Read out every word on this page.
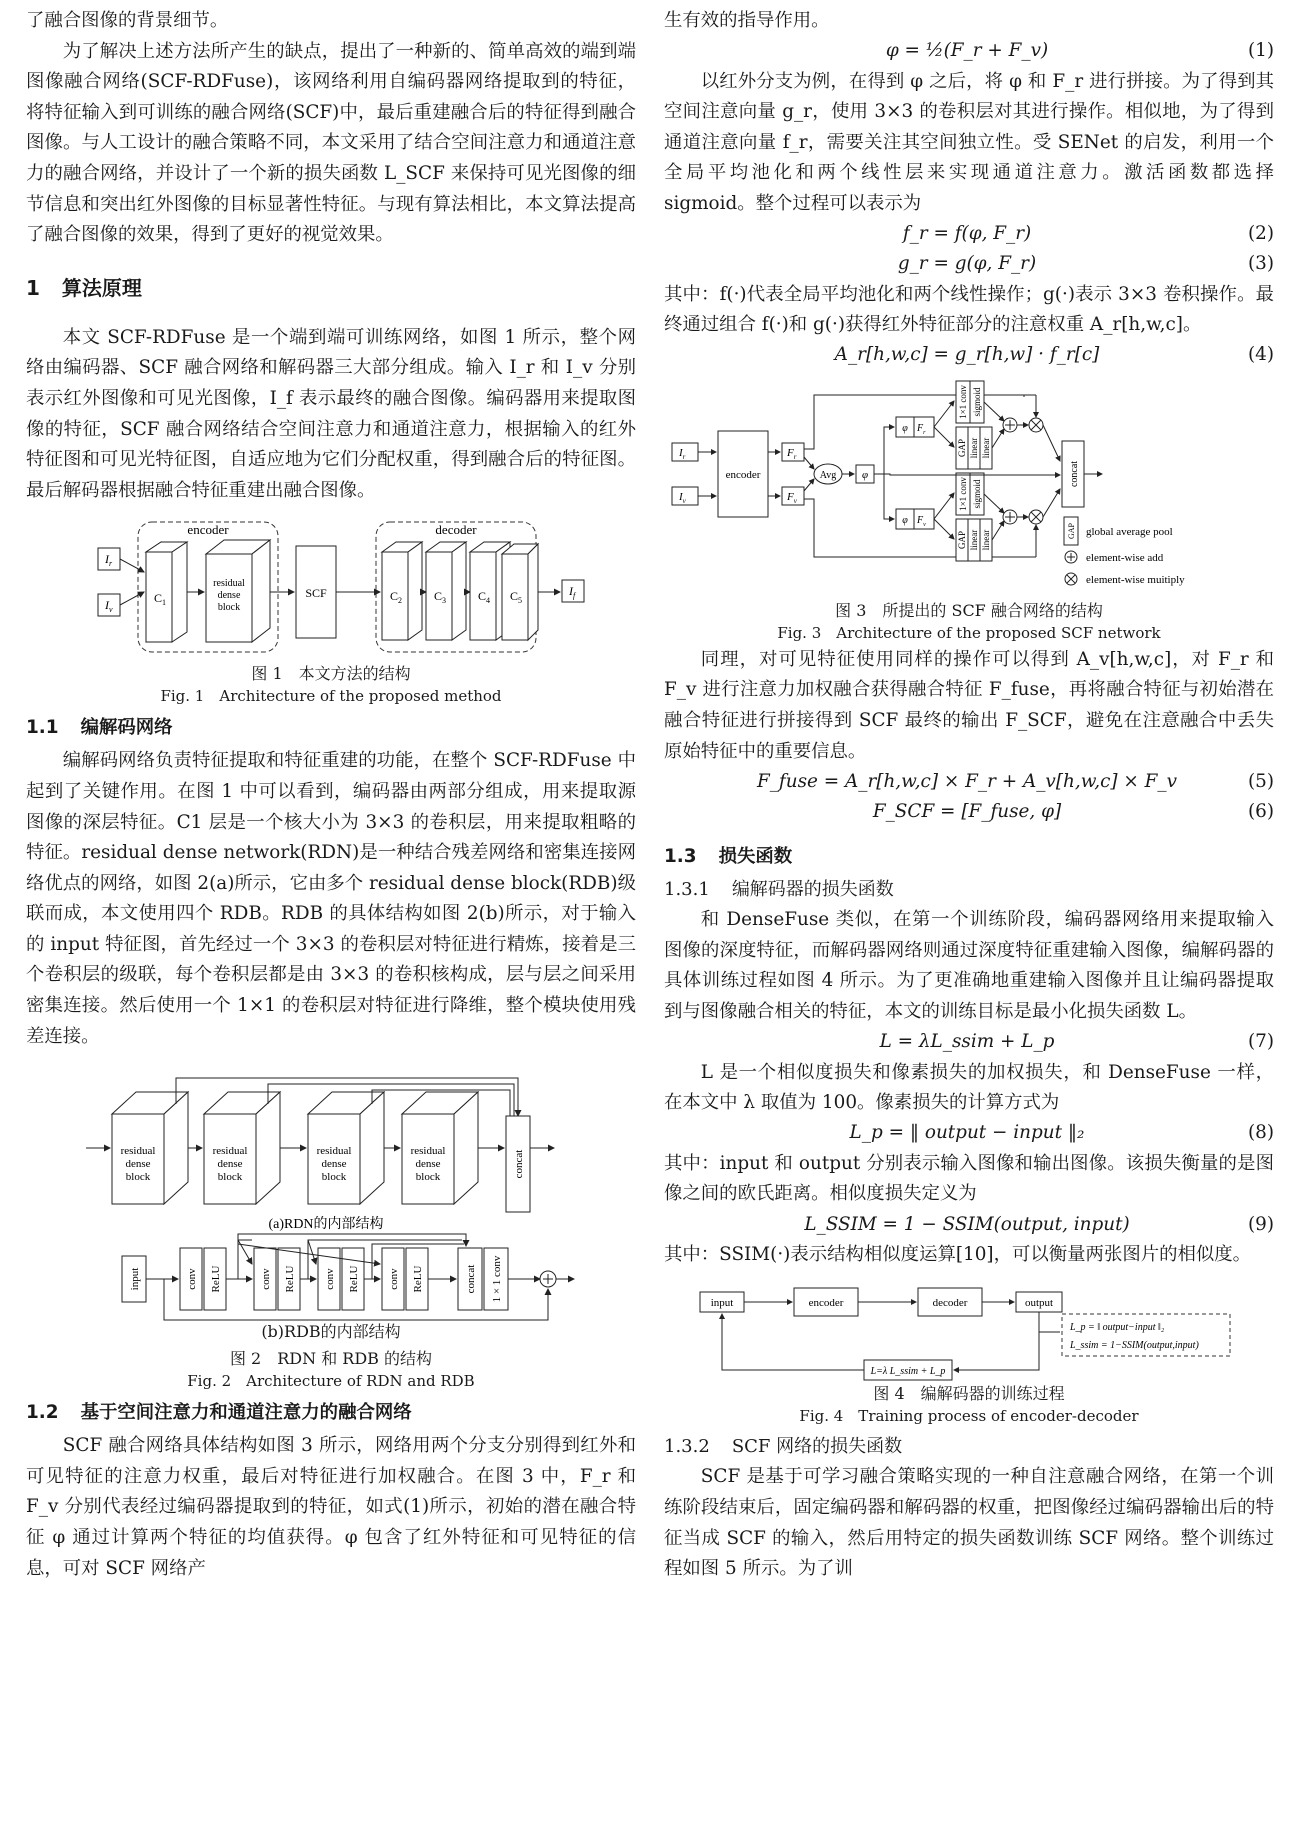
了融合图像的背景细节。

为了解决上述方法所产生的缺点，提出了一种新的、简单高效的端到端图像融合网络(SCF-RDFuse)，该网络利用自编码器网络提取到的特征，将特征输入到可训练的融合网络(SCF)中，最后重建融合后的特征得到融合图像。与人工设计的融合策略不同，本文采用了结合空间注意力和通道注意力的融合网络，并设计了一个新的损失函数 L_SCF 来保持可见光图像的细节信息和突出红外图像的目标显著性特征。与现有算法相比，本文算法提高了融合图像的效果，得到了更好的视觉效果。

1 算法原理

本文 SCF-RDFuse 是一个端到端可训练网络，如图 1 所示，整个网络由编码器、SCF 融合网络和解码器三大部分组成。输入 I_r 和 I_v 分别表示红外图像和可见光图像，I_f 表示最终的融合图像。编码器用来提取图像的特征，SCF 融合网络结合空间注意力和通道注意力，根据输入的红外特征图和可见光特征图，自适应地为它们分配权重，得到融合后的特征图。最后解码器根据融合特征重建出融合图像。

encoder	decoder
$I_r$
$I_v$
$C_1$
residual
dense
block
SCF	$C_2$	$C_3$	$C_4$ $C_5$
$I_f$
图 1　本文方法的结构
Fig. 1　Architecture of the proposed method
1.1 编解码网络

编解码网络负责特征提取和特征重建的功能，在整个 SCF-RDFuse 中起到了关键作用。在图 1 中可以看到，编码器由两部分组成，用来提取源图像的深层特征。C1 层是一个核大小为 3×3 的卷积层，用来提取粗略的特征。residual dense network(RDN)是一种结合残差网络和密集连接网络优点的网络，如图 2(a)所示，它由多个 residual dense block(RDB)级联而成，本文使用四个 RDB。RDB 的具体结构如图 2(b)所示，对于输入的 input 特征图，首先经过一个 3×3 的卷积层对特征进行精炼，接着是三个卷积层的级联，每个卷积层都是由 3×3 的卷积核构成，层与层之间采用密集连接。然后使用一个 1×1 的卷积层对特征进行降维，整个模块使用残差连接。

residual
dense
block
residual
dense
block
residual
dense
block
residual
dense
block	concat
(a)RDN的内部结构
input	conv ReLU	conv ReLU	conv ReLU	conv ReLU	concat 1 × 1 conv
(b)RDB的内部结构
图 2　RDN 和 RDB 的结构
Fig. 2　Architecture of RDN and RDB
1.2 基于空间注意力和通道注意力的融合网络

SCF 融合网络具体结构如图 3 所示，网络用两个分支分别得到红外和可见特征的注意力权重，最后对特征进行加权融合。在图 3 中，F_r 和 F_v 分别代表经过编码器提取到的特征，如式(1)所示，初始的潜在融合特征 φ 通过计算两个特征的均值获得。φ 包含了红外特征和可见特征的信息，可对 SCF 网络产

生有效的指导作用。

φ = ½(F_r + F_v)	(1)

以红外分支为例，在得到 φ 之后，将 φ 和 F_r 进行拼接。为了得到其空间注意向量 g_r，使用 3×3 的卷积层对其进行操作。相似地，为了得到通道注意向量 f_r，需要关注其空间独立性。受 SENet 的启发，利用一个全局平均池化和两个线性层来实现通道注意力。激活函数都选择 sigmoid。整个过程可以表示为

f_r = f(φ, F_r)	(2)
g_r = g(φ, F_r)	(3)

其中：f(·)代表全局平均池化和两个线性操作；g(·)表示 3×3 卷积操作。最终通过组合 f(·)和 g(·)获得红外特征部分的注意权重 A_r[h,w,c]。

A_r[h,w,c] = g_r[h,w] · f_r[c]	(4)
$I_r$
$I_v$
encoder
$F_r$
$F_v$
Avg φ
φ $F_r$
φ $F_v$
1×1 conv sigmoid
GAP linear linear
1×1 conv sigmoid
GAP linear linear
concat
GAP global average pool
element-wise add
element-wise muitiply
图 3　所提出的 SCF 融合网络的结构
Fig. 3　Architecture of the proposed SCF network

同理，对可见特征使用同样的操作可以得到 A_v[h,w,c]，对 F_r 和 F_v 进行注意力加权融合获得融合特征 F_fuse，再将融合特征与初始潜在融合特征进行拼接得到 SCF 最终的输出 F_SCF，避免在注意融合中丢失原始特征中的重要信息。

F_fuse = A_r[h,w,c] × F_r + A_v[h,w,c] × F_v	(5)
F_SCF = [F_fuse, φ]	(6)
1.3 损失函数
1.3.1 编解码器的损失函数

和 DenseFuse 类似，在第一个训练阶段，编码器网络用来提取输入图像的深度特征，而解码器网络则通过深度特征重建输入图像，编解码器的具体训练过程如图 4 所示。为了更准确地重建输入图像并且让编码器提取到与图像融合相关的特征，本文的训练目标是最小化损失函数 L。

L = λL_ssim + L_p	(7)

L 是一个相似度损失和像素损失的加权损失，和 DenseFuse 一样，在本文中 λ 取值为 100。像素损失的计算方式为

L_p = ‖ output − input ‖₂	(8)

其中：input 和 output 分别表示输入图像和输出图像。该损失衡量的是图像之间的欧氏距离。相似度损失定义为

L_SSIM = 1 − SSIM(output, input)	(9)

其中：SSIM(·)表示结构相似度运算[10]，可以衡量两张图片的相似度。

input	encoder	decoder	output
L_p = ‖ output−input ‖₂
L_ssim = 1−SSIM(output,input)
L=λ L_ssim + L_p
图 4　编解码器的训练过程
Fig. 4　Training process of encoder-decoder
1.3.2 SCF 网络的损失函数

SCF 是基于可学习融合策略实现的一种自注意融合网络，在第一个训练阶段结束后，固定编码器和解码器的权重，把图像经过编码器输出后的特征当成 SCF 的输入，然后用特定的损失函数训练 SCF 网络。整个训练过程如图 5 所示。为了训
